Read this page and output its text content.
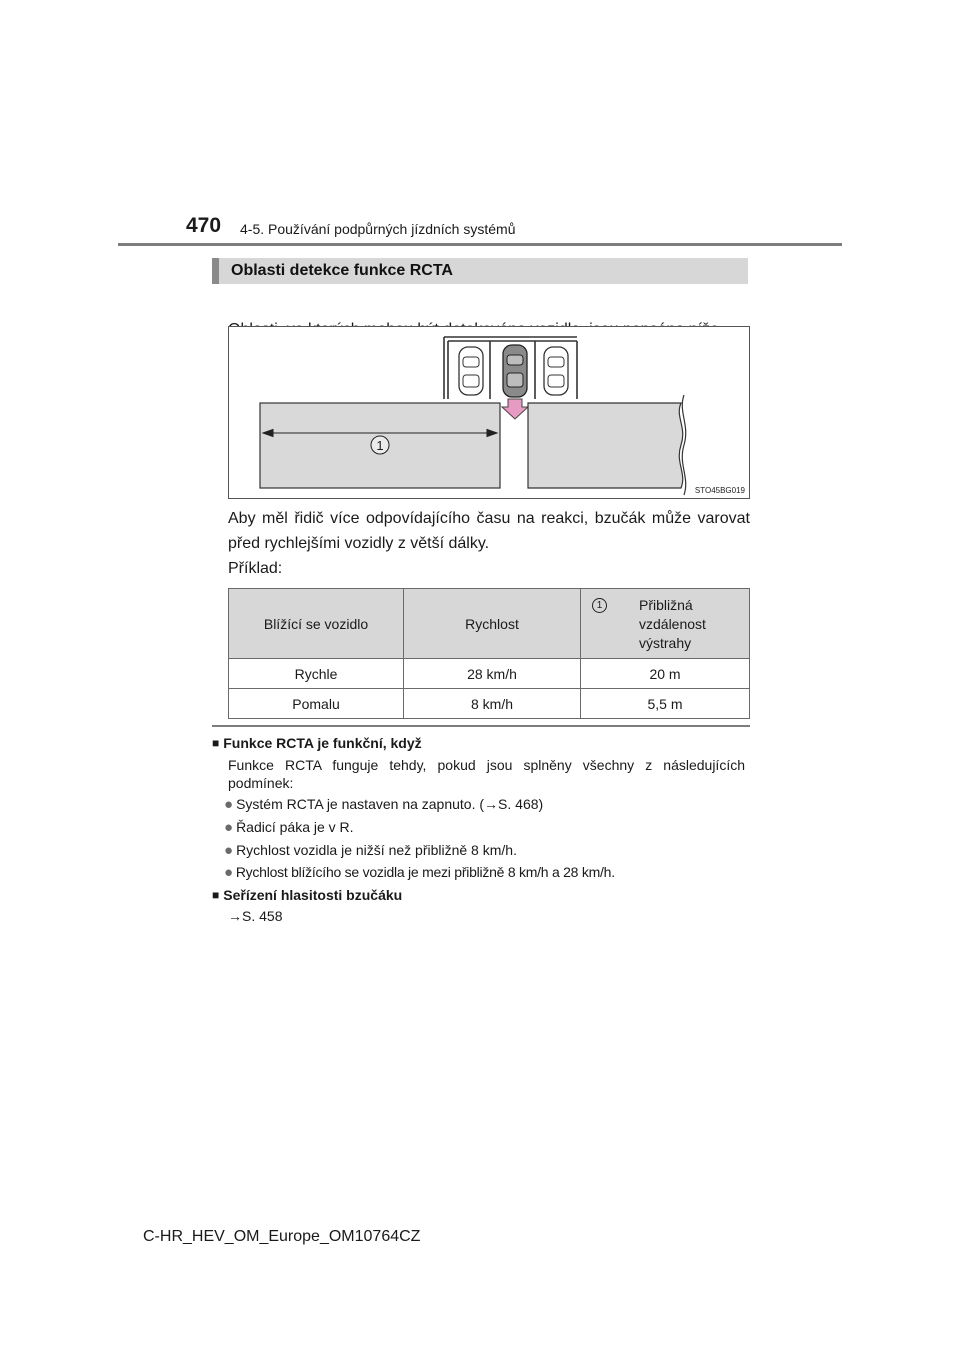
470 4-5. Používání podpůrných jízdních systémů
Oblasti detekce funkce RCTA
1
STO45BG019
Aby měl řidič více odpovídajícího času na reakci, bzučák může varovat před rychlejšími vozidly z větší dálky.
Příklad:
Blížící se vozidlo	Rychlost	1 Přibližná
vzdálenost
výstrahy

Rychle	28 km/h	20 m
Pomalu	8 km/h	5,5 m
■ Funkce RCTA je funkční, když
Funkce RCTA funguje tehdy, pokud jsou splněny všechny z následujících podmínek:
● Systém RCTA je nastaven na zapnuto. (→S. 468)
● Řadicí páka je v R.
● Rychlost vozidla je nižší než přibližně 8 km/h.
● Rychlost blížícího se vozidla je mezi přibližně 8 km/h a 28 km/h.
■ Seřízení hlasitosti bzučáku
→S. 458
C-HR_HEV_OM_Europe_OM10764CZ
